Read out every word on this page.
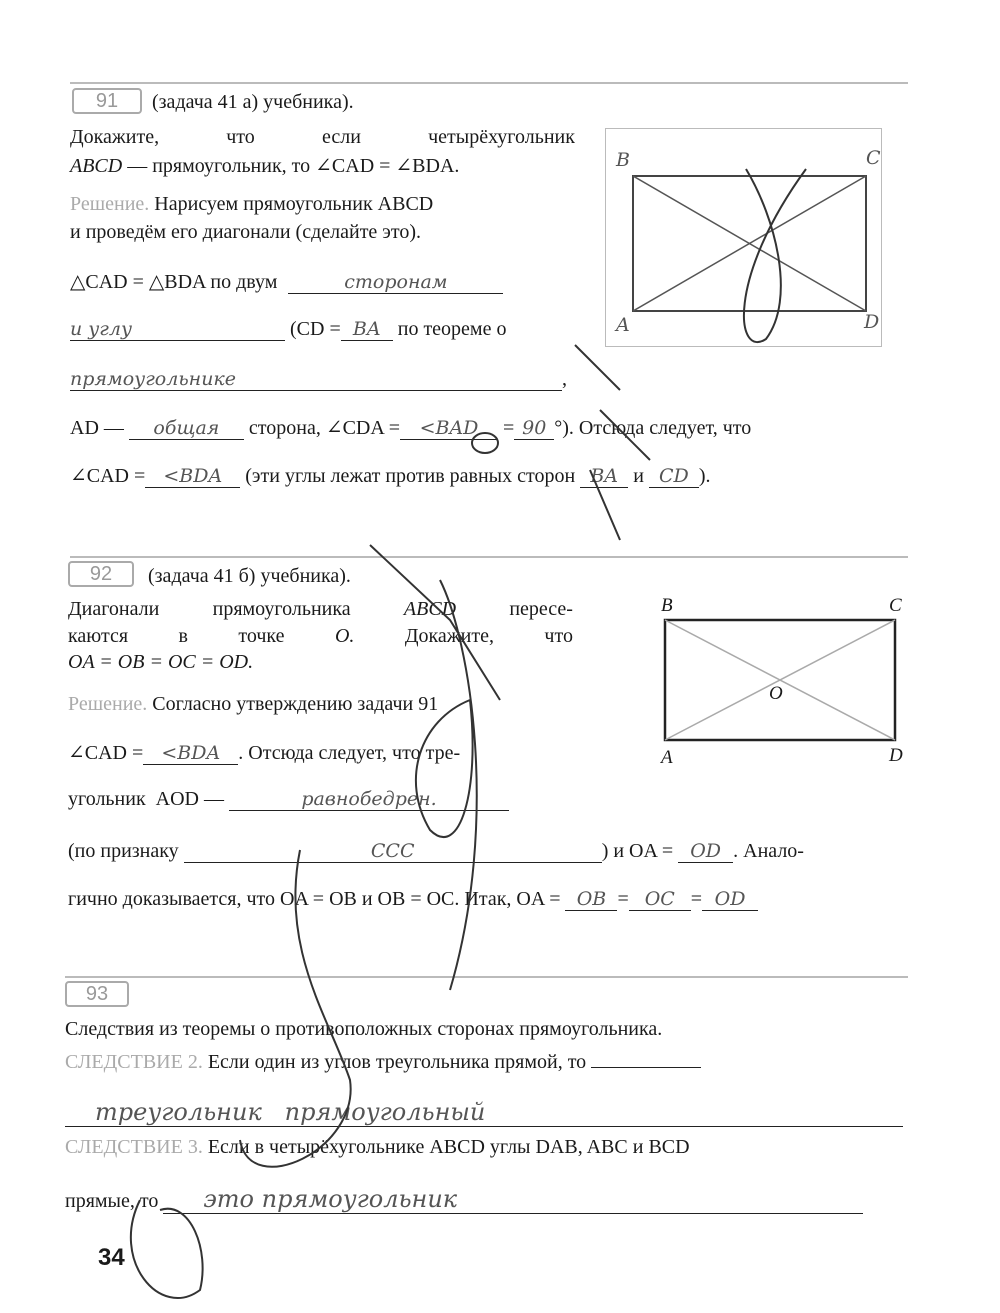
91	(задача 41 а) учебника).
Докажите,	что	если	четырёхугольник
ABCD — прямоугольник, то ∠CAD = ∠BDA.
Решение. Нарисуем прямоугольник ABCD
и проведём его диагонали (сделайте это).
△CAD = △BDA по двум	сторонам
и углу	(CD = BA по теореме о
прямоугольнике	,
AD — общая сторона, ∠CDA = <BAD = 90 °). Отсюда следует, что
∠CAD = <BDA (эти углы лежат против равных сторон BA и CD ).
B	C
A	D
92	(задача 41 б) учебника).
Диагонали	прямоугольника	ABCD	пересе-
каются	в	точке	O.	Докажите,	что
OA = OB = OC = OD.
Решение. Согласно утверждению задачи 91
∠CAD = <BDA . Отсюда следует, что тре-
угольник  AOD —	равнобедрен.
(по признаку	CCC	) и OA = OD . Анало-
гично доказывается, что OA = OB и OB = OC. Итак, OA = OB = OC = OD
B	C
A	D
O
93
Следствия из теоремы о противоположных сторонах прямоугольника.
СЛЕДСТВИЕ 2. Если один из углов треугольника прямой, то
треугольник   прямоугольный
СЛЕДСТВИЕ 3. Если в четырёхугольнике ABCD углы DAB, ABC и BCD
прямые, то это прямоугольник
34
